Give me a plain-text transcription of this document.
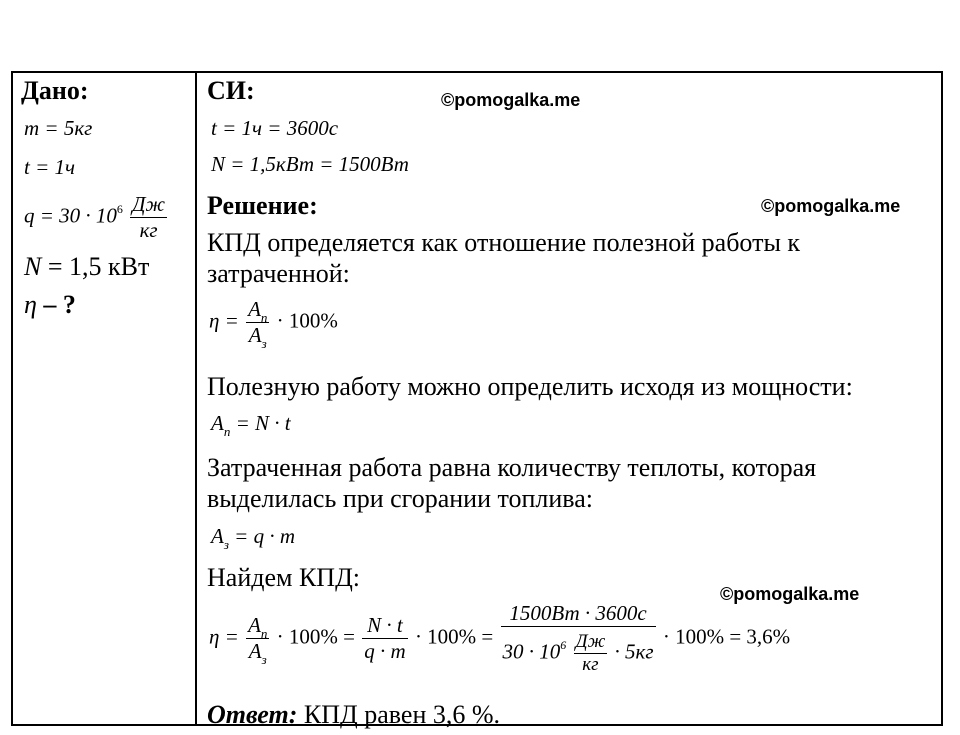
©pomogalka.me
©pomogalka.me
©pomogalka.me
Дано:
m = 5кг
t = 1ч
$q = 30 \cdot 10^6 \frac{Дж}{кг}$
N = 1,5 кВт
η – ?
СИ:
t = 1ч = 3600с
N = 1,5кВт = 1500Вт
Решение:
КПД определяется как отношение полезной работы к
затраченной:
$\eta = \frac{A_п}{A_з} \cdot 100\%$
Полезную работу можно определить исходя из мощности:
$A_п = N \cdot t$
Затраченная работа равна количеству теплоты, которая
выделилась при сгорании топлива:
$A_з = q \cdot m$
Найдем КПД:
$\eta = \frac{A_п}{A_з} \cdot 100\% = \frac{N \cdot t}{q \cdot m} \cdot 100\% = \frac{1500Вт \cdot 3600с}{30 \cdot 10^6 \frac{Дж}{кг} \cdot 5кг} \cdot 100\% = 3,6\%$
Ответ: КПД равен 3,6 %.
